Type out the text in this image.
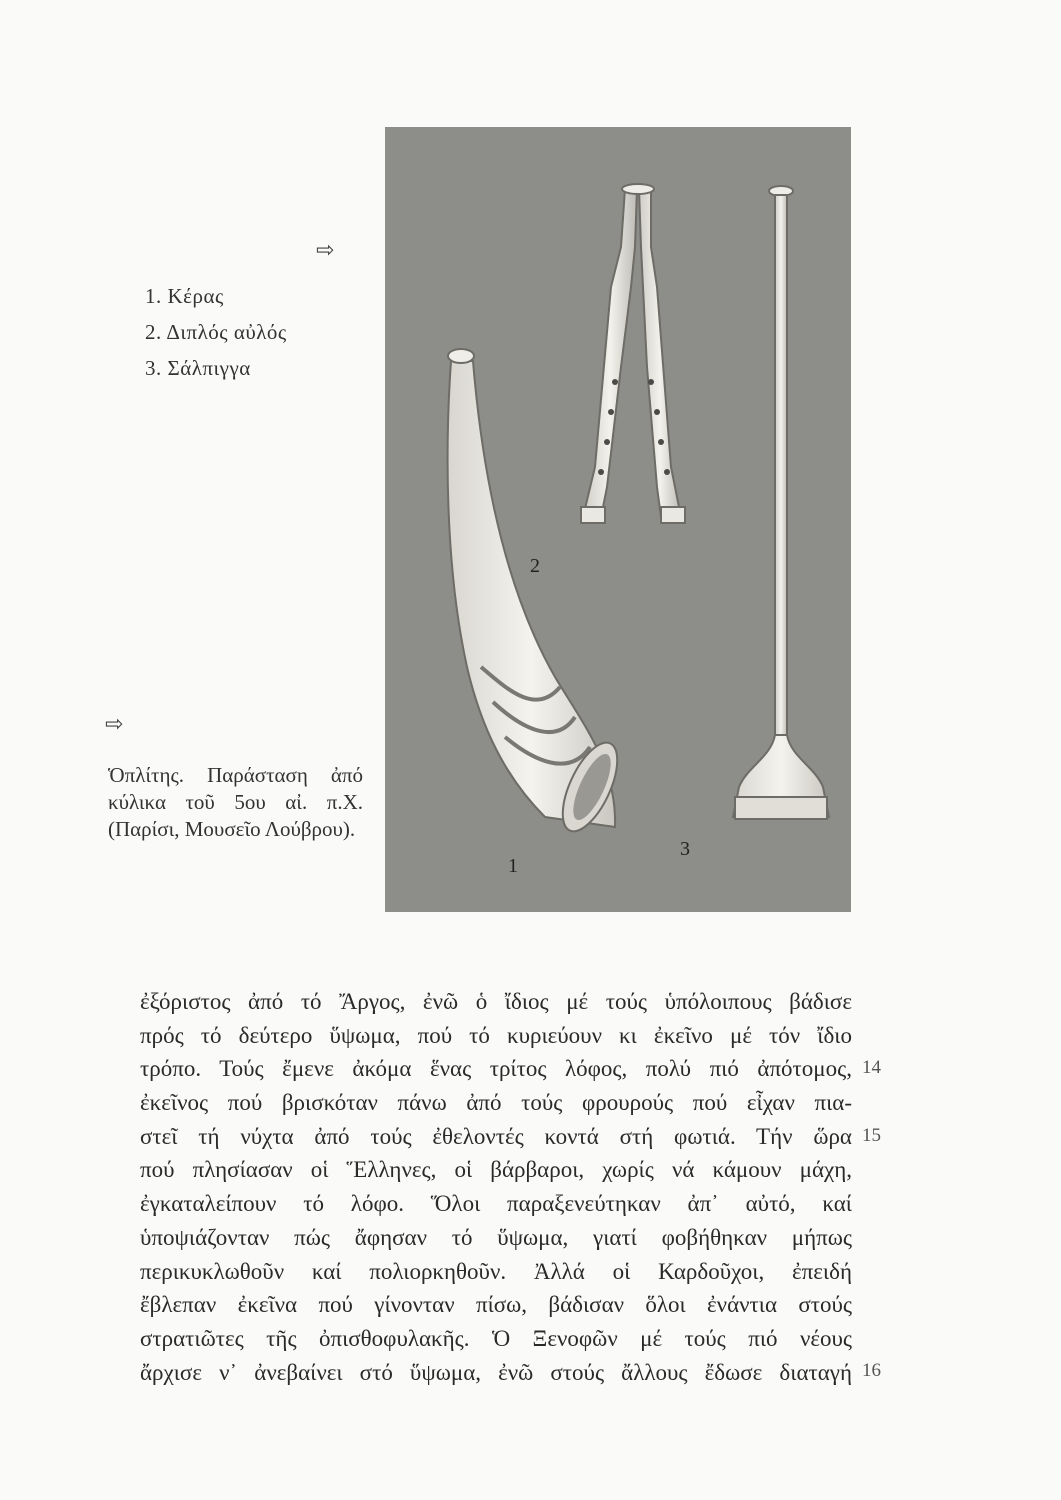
⇨
⇨
1. Κέρας
2. Διπλός αὐλός
3. Σάλπιγγα
Ὁπλίτης. Παράσταση ἀπό κύλικα τοῦ 5ου αἰ. π.Χ. (Παρίσι, Μουσεῖο Λούβρου).
2
1
3
ἐξόριστος ἀπό τό Ἄργος, ἐνῶ ὁ ἴδιος μέ τούς ὑπόλοιπους βάδισε
πρός τό δεύτερο ὕψωμα, πού τό κυριεύουν κι ἐκεῖνο μέ τόν ἴδιο
τρόπο. Τούς ἔμενε ἀκόμα ἕνας τρίτος λόφος, πολύ πιό ἀπότομος,
ἐκεῖνος πού βρισκόταν πάνω ἀπό τούς φρουρούς πού εἶχαν πια-
στεῖ τή νύχτα ἀπό τούς ἐθελοντές κοντά στή φωτιά. Τήν ὥρα
πού πλησίασαν οἱ Ἕλληνες, οἱ βάρβαροι, χωρίς νά κάμουν μάχη,
ἐγκαταλείπουν τό λόφο. Ὅλοι παραξενεύτηκαν ἀπ᾽ αὐτό, καί
ὑποψιάζονταν πώς ἄφησαν τό ὕψωμα, γιατί φοβήθηκαν μήπως
περικυκλωθοῦν καί πολιορκηθοῦν. Ἀλλά οἱ Καρδοῦχοι, ἐπειδή
ἔβλεπαν ἐκεῖνα πού γίνονταν πίσω, βάδισαν ὅλοι ἐνάντια στούς
στρατιῶτες τῆς ὀπισθοφυλακῆς. Ὁ Ξενοφῶν μέ τούς πιό νέους
ἄρχισε ν᾽ ἀνεβαίνει στό ὕψωμα, ἐνῶ στούς ἄλλους ἔδωσε διαταγή
14
15
16
